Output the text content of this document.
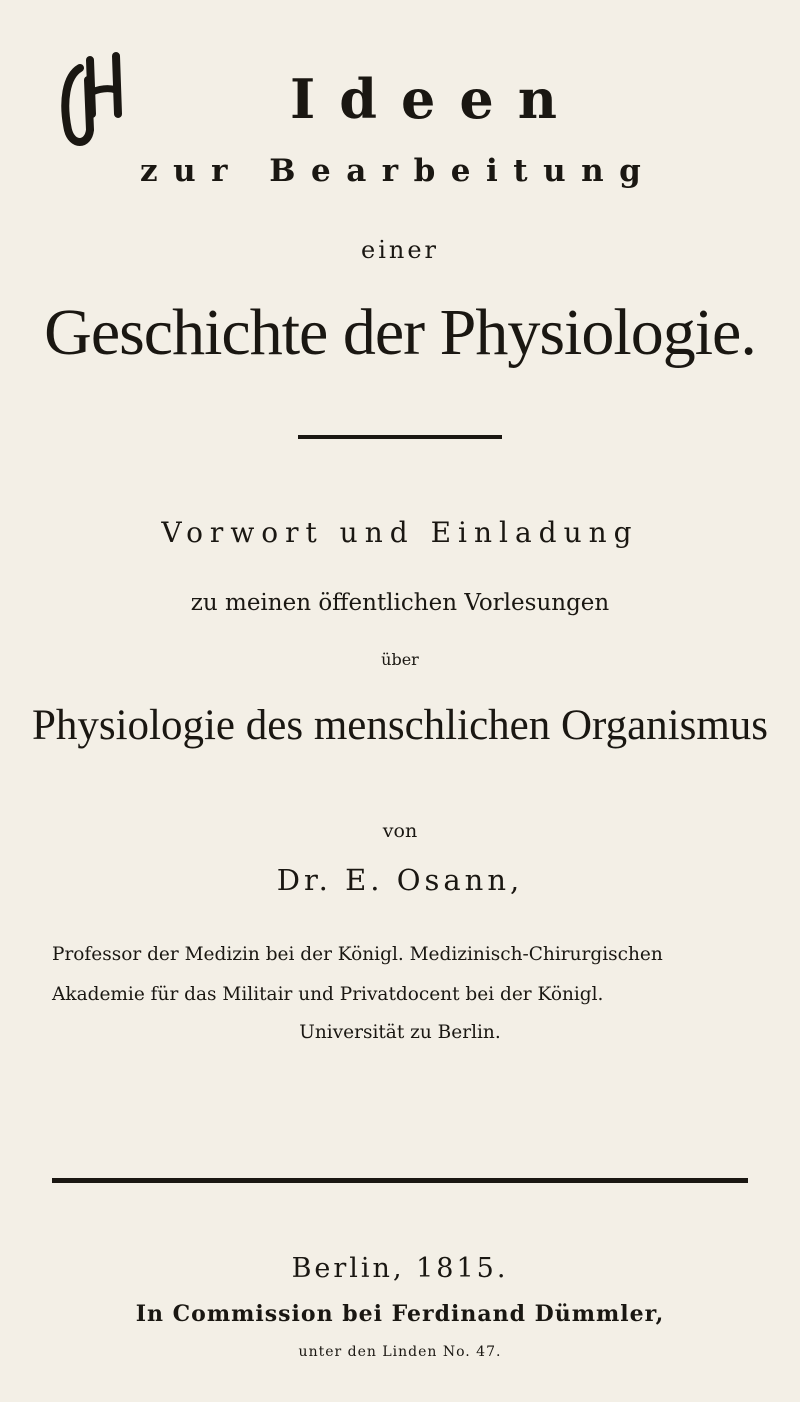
Ideen
zur Bearbeitung
einer
Geschichte der Physiologie.
Vorwort und Einladung
zu meinen öffentlichen Vorlesungen
über
Physiologie des menschlichen Organismus
von
Dr. E. Osann,
Professor der Medizin bei der Königl. Medizinisch-Chirurgischen
Akademie für das Militair und Privatdocent bei der Königl.
Universität zu Berlin.
Berlin, 1815.
In Commission bei Ferdinand Dümmler,
unter den Linden No. 47.
